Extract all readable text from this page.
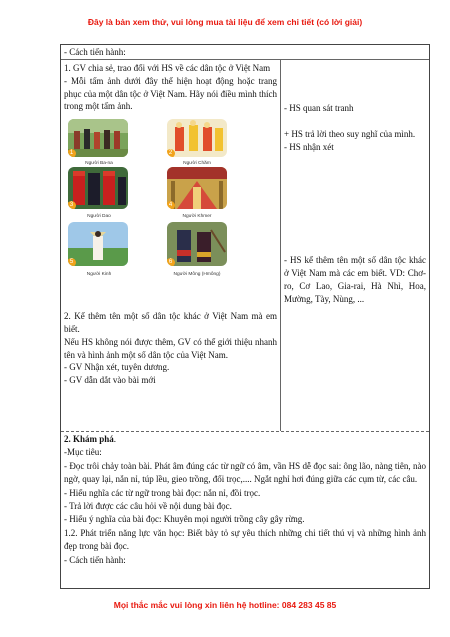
Đây là bản xem thử, vui lòng mua tài liệu để xem chi tiết (có lời giải)
- Cách tiến hành:

1. GV chia sẻ, trao đổi với HS về các dân tộc ở Việt Nam

- Mỗi tấm ảnh dưới đây thể hiện hoạt động hoặc trang phục của một dân tộc ở Việt Nam. Hãy nói điều mình thích trong một tấm ảnh.

1
Người Ba-na
2
Người Chăm
3
Người Dao
4
Người Khmer
5
Người Kinh
6
Người Mông (Hmông)

2. Kể thêm tên một số dân tộc khác ở Việt Nam mà em biết.

Nếu HS không nói được thêm, GV có thể giới thiệu nhanh tên và hình ảnh một số dân tộc của Việt Nam.

- GV Nhận xét, tuyên dương.

- GV dẫn dắt vào bài mới

- HS quan sát tranh

+ HS trả lời theo suy nghĩ của mình.

- HS nhận xét

- HS kể thêm tên một số dân tộc khác ở Việt Nam mà các em biết. VD: Chơ-ro, Cơ Lao, Gia-rai, Hà Nhì, Hoa, Mường, Tày, Nùng, ...

2. Khám phá.

-Mục tiêu:

- Đọc trôi chảy toàn bài. Phát âm đúng các từ ngữ có âm, vần HS dễ đọc sai: ông lão, nàng tiên, nào ngờ, quay lại, nắn nỉ, túp lều, gieo trồng, đổi trọc,.... Ngắt nghỉ hơi đúng giữa các cụm từ, các câu.

- Hiểu nghĩa các từ ngữ trong bài đọc: nắn nỉ, đồi trọc.

- Trả lời được các câu hỏi về nội dung bài đọc.

- Hiểu ý nghĩa của bài đọc: Khuyên mọi người trồng cây gây rừng.

1.2. Phát triển năng lực văn học: Biết bày tỏ sự yêu thích những chi tiết thú vị và những hình ảnh đẹp trong bài đọc.

- Cách tiến hành:

Mọi thắc mắc vui lòng xin liên hệ hotline: 084 283 45 85
